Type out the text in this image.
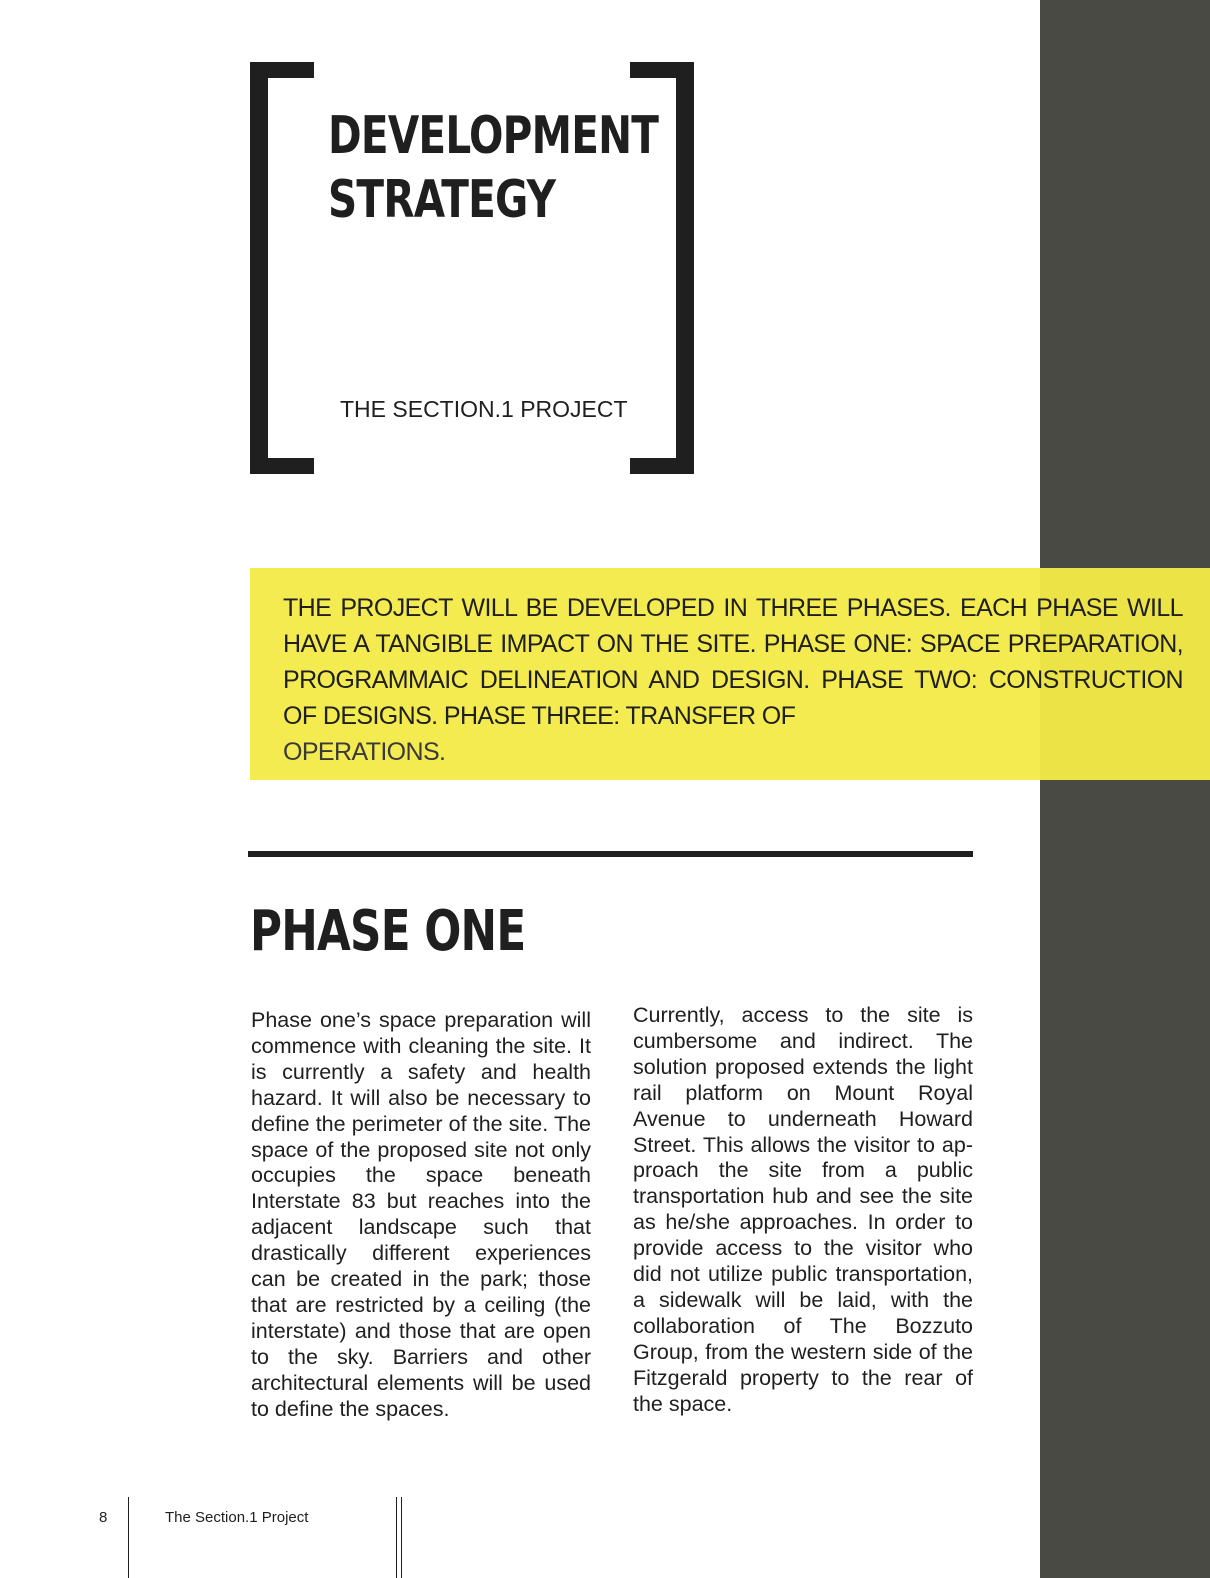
DEVELOPMENT
STRATEGY
THE SECTION.1 PROJECT

THE PROJECT WILL BE DEVELOPED IN THREE PHASES. EACH PHASE WILL HAVE A TANGIBLE IMPACT ON THE SITE. PHASE ONE: SPACE PREPARATION, PROGRAMMAIC DELINEATION AND DESIGN. PHASE TWO: CONSTRUCTION OF DESIGNS. PHASE THREE: TRANSFER OF
OPERATIONS.

PHASE ONE

Phase one’s space preparation will commence with cleaning the site. It is currently a safety and health hazard. It will also be necessary to define the perimeter of the site. The space of the proposed site not only occupies the space beneath Interstate 83 but reaches into the adjacent landscape such that drastically different experiences can be created in the park; those that are restricted by a ceiling (the interstate) and those that are open to the sky. Barriers and other architectural elements will be used to define the spaces.

Currently, access to the site is cumbersome and indirect. The solution proposed extends the light rail platform on Mount Royal Avenue to underneath Howard Street. This allows the visitor to approach the site from a public transportation hub and see the site as he/she approaches. In order to provide access to the visitor who did not utilize public transportation, a sidewalk will be laid, with the collaboration of The Bozzuto Group, from the western side of the Fitzgerald property to the rear of the space.

8	The Section.1 Project
